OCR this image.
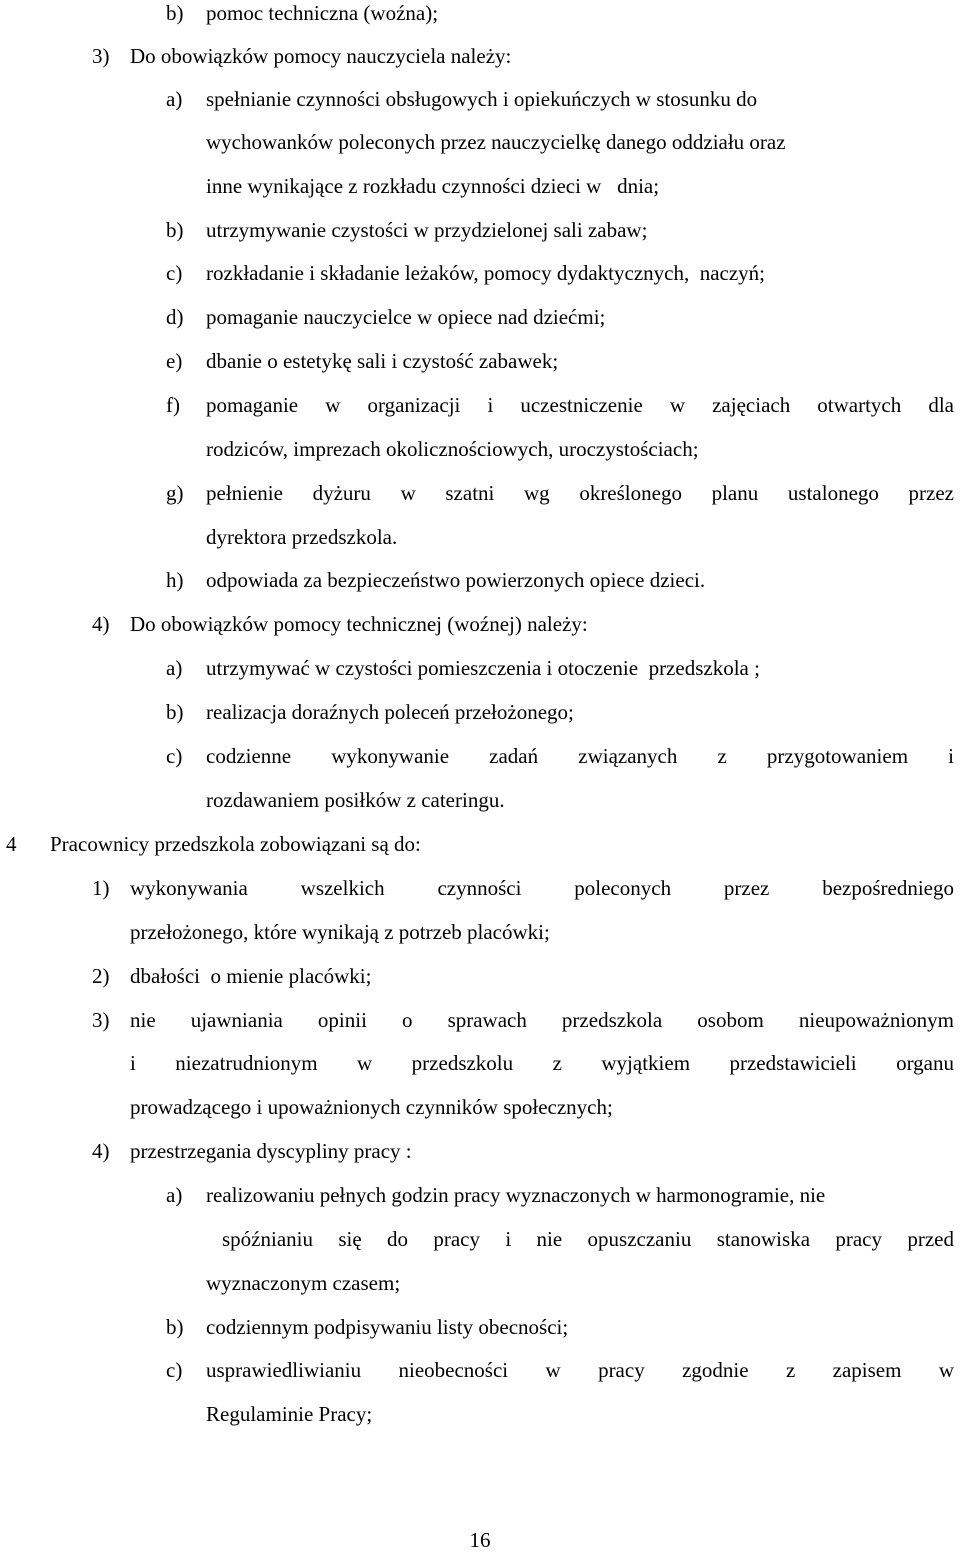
b) pomoc techniczna (woźna);
3) Do obowiązków pomocy nauczyciela należy:
a) spełnianie czynności obsługowych i opiekuńczych w stosunku do
wychowanków poleconych przez nauczycielkę danego oddziału oraz
inne wynikające z rozkładu czynności dzieci w   dnia;
b) utrzymywanie czystości w przydzielonej sali zabaw;
c) rozkładanie i składanie leżaków, pomocy dydaktycznych,  naczyń;
d) pomaganie nauczycielce w opiece nad dziećmi;
e) dbanie o estetykę sali i czystość zabawek;
f) pomaganie w organizacji i uczestniczenie w zajęciach otwartych dla
rodziców, imprezach okolicznościowych, uroczystościach;
g) pełnienie dyżuru w szatni wg określonego planu ustalonego przez
dyrektora przedszkola.
h) odpowiada za bezpieczeństwo powierzonych opiece dzieci.
4) Do obowiązków pomocy technicznej (woźnej) należy:
a) utrzymywać w czystości pomieszczenia i otoczenie  przedszkola ;
b) realizacja doraźnych poleceń przełożonego;
c) codzienne wykonywanie zadań związanych z przygotowaniem i
rozdawaniem posiłków z cateringu.
4 Pracownicy przedszkola zobowiązani są do:
1) wykonywania wszelkich czynności poleconych przez bezpośredniego
przełożonego, które wynikają z potrzeb placówki;
2) dbałości  o mienie placówki;
3) nie ujawniania opinii o sprawach przedszkola osobom nieupoważnionym
i niezatrudnionym w przedszkolu z wyjątkiem przedstawicieli organu
prowadzącego i upoważnionych czynników społecznych;
4) przestrzegania dyscypliny pracy :
a) realizowaniu pełnych godzin pracy wyznaczonych w harmonogramie, nie
spóźnianiu się do pracy i nie opuszczaniu stanowiska pracy przed
wyznaczonym czasem;
b) codziennym podpisywaniu listy obecności;
c) usprawiedliwianiu nieobecności w pracy zgodnie z zapisem w
Regulaminie Pracy;
16
